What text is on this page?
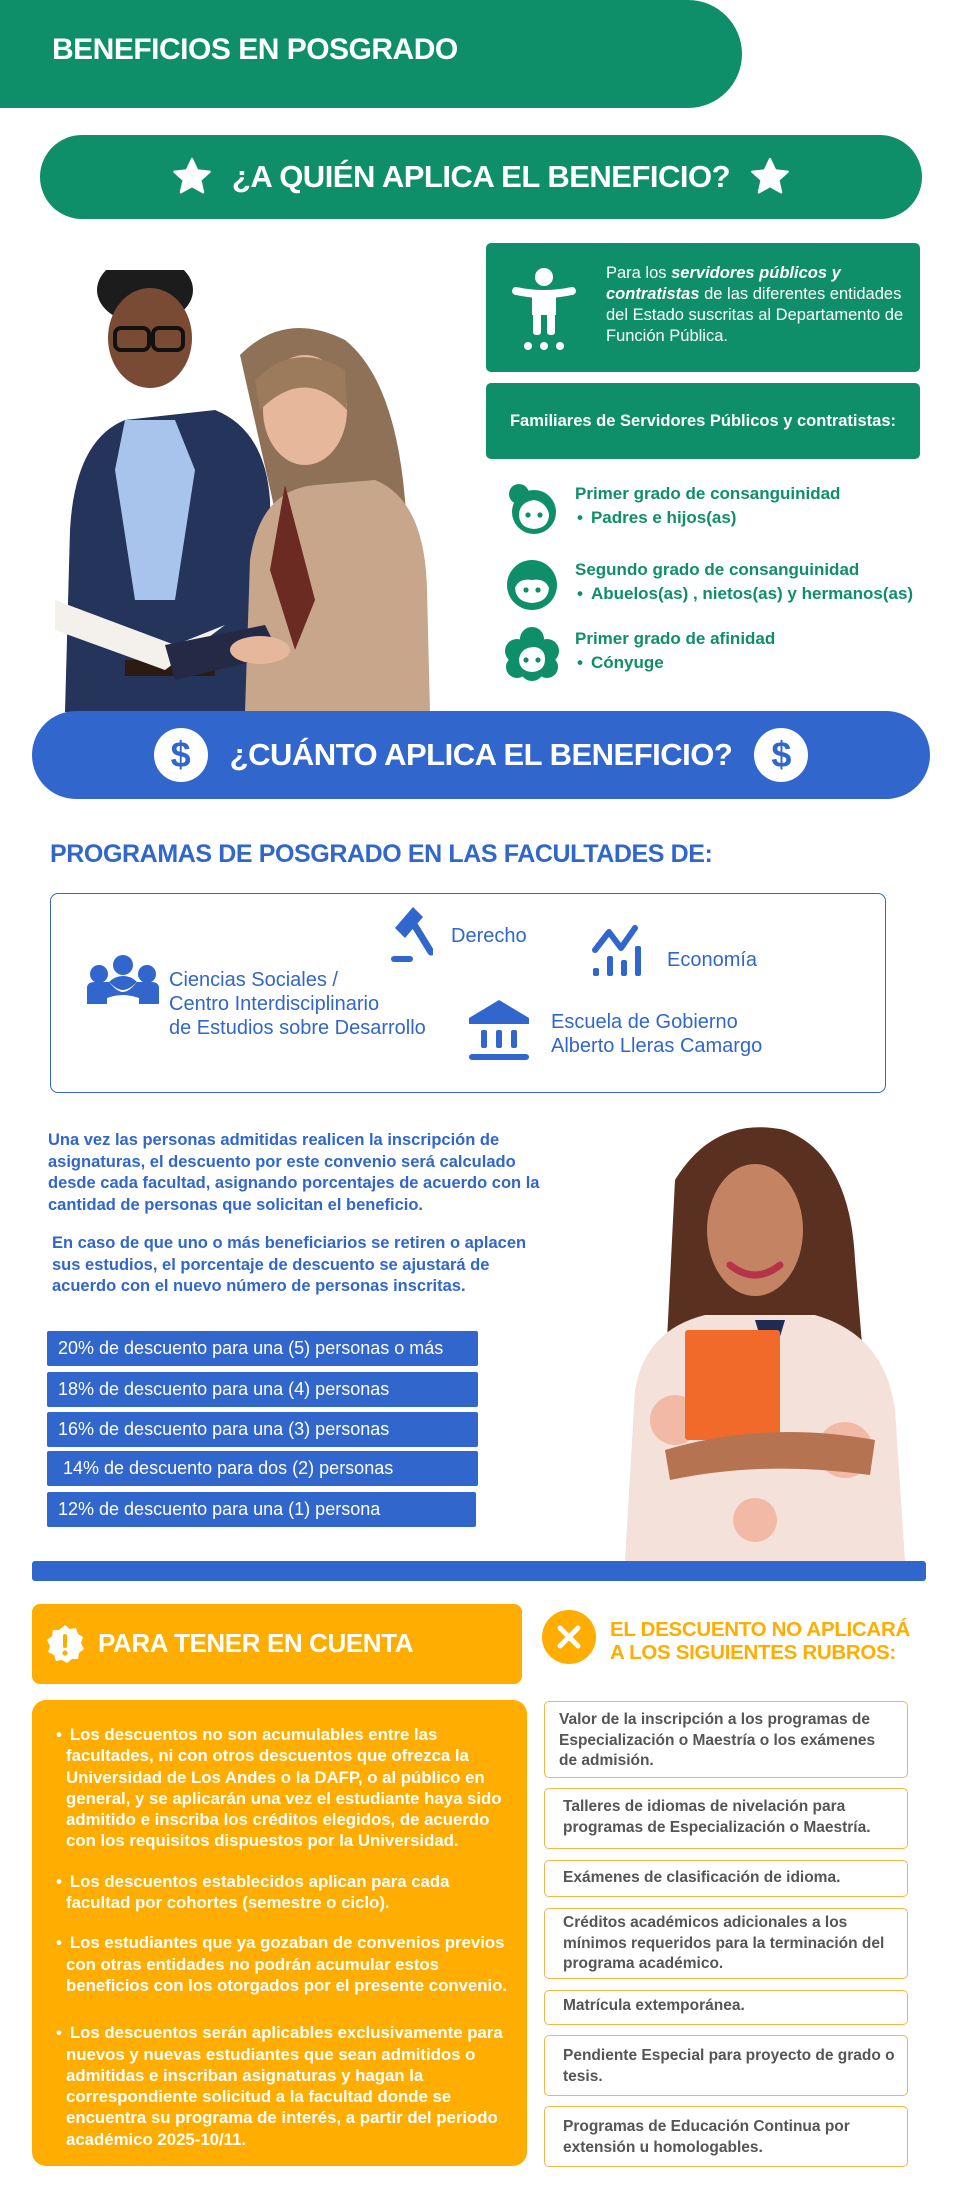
BENEFICIOS EN POSGRADO
¿A QUIÉN APLICA EL BENEFICIO?
Para los servidores públicos y contratistas de las diferentes entidades del Estado suscritas al Departamento de Función Pública.
Familiares de Servidores Públicos y contratistas:
Primer grado de consanguinidad
• Padres e hijos(as)
Segundo grado de consanguinidad
• Abuelos(as) , nietos(as) y hermanos(as)
Primer grado de afinidad
• Cónyuge
$	¿CUÁNTO APLICA EL BENEFICIO?	$
PROGRAMAS DE POSGRADO EN LAS FACULTADES DE:
Ciencias Sociales /
Centro Interdisciplinario
de Estudios sobre Desarrollo
Derecho
Economía
Escuela de Gobierno
Alberto Lleras Camargo
Una vez las personas admitidas realicen la inscripción de asignaturas, el descuento por este convenio será calculado desde cada facultad, asignando porcentajes de acuerdo con la cantidad de personas que solicitan el beneficio.
En caso de que uno o más beneficiarios se retiren o aplacen sus estudios, el porcentaje de descuento se ajustará de acuerdo con el nuevo número de personas inscritas.
20% de descuento para una (5) personas o más
18% de descuento para una (4) personas
16% de descuento para una (3) personas
14% de descuento para dos (2) personas
12% de descuento para una (1) persona
PARA TENER EN CUENTA
• Los descuentos no son acumulables entre las facultades, ni con otros descuentos que ofrezca la Universidad de Los Andes o la DAFP, o al público en general, y se aplicarán una vez el estudiante haya sido admitido e inscriba los créditos elegidos, de acuerdo con los requisitos dispuestos por la Universidad.
• Los descuentos establecidos aplican para cada facultad por cohortes (semestre o ciclo).
• Los estudiantes que ya gozaban de convenios previos con otras entidades no podrán acumular estos beneficios con los otorgados por el presente convenio.
• Los descuentos serán aplicables exclusivamente para nuevos y nuevas estudiantes que sean admitidos o admitidas e inscriban asignaturas y hagan la correspondiente solicitud a la facultad donde se encuentra su programa de interés, a partir del periodo académico 2025-10/11.
EL DESCUENTO NO APLICARÁ
A LOS SIGUIENTES RUBROS:
Valor de la inscripción a los programas de Especialización o Maestría o los exámenes de admisión.
Talleres de idiomas de nivelación para programas de Especialización o Maestría.
Exámenes de clasificación de idioma.
Créditos académicos adicionales a los mínimos requeridos para la terminación del programa académico.
Matrícula extemporánea.
Pendiente Especial para proyecto de grado o tesis.
Programas de Educación Continua por extensión u homologables.
